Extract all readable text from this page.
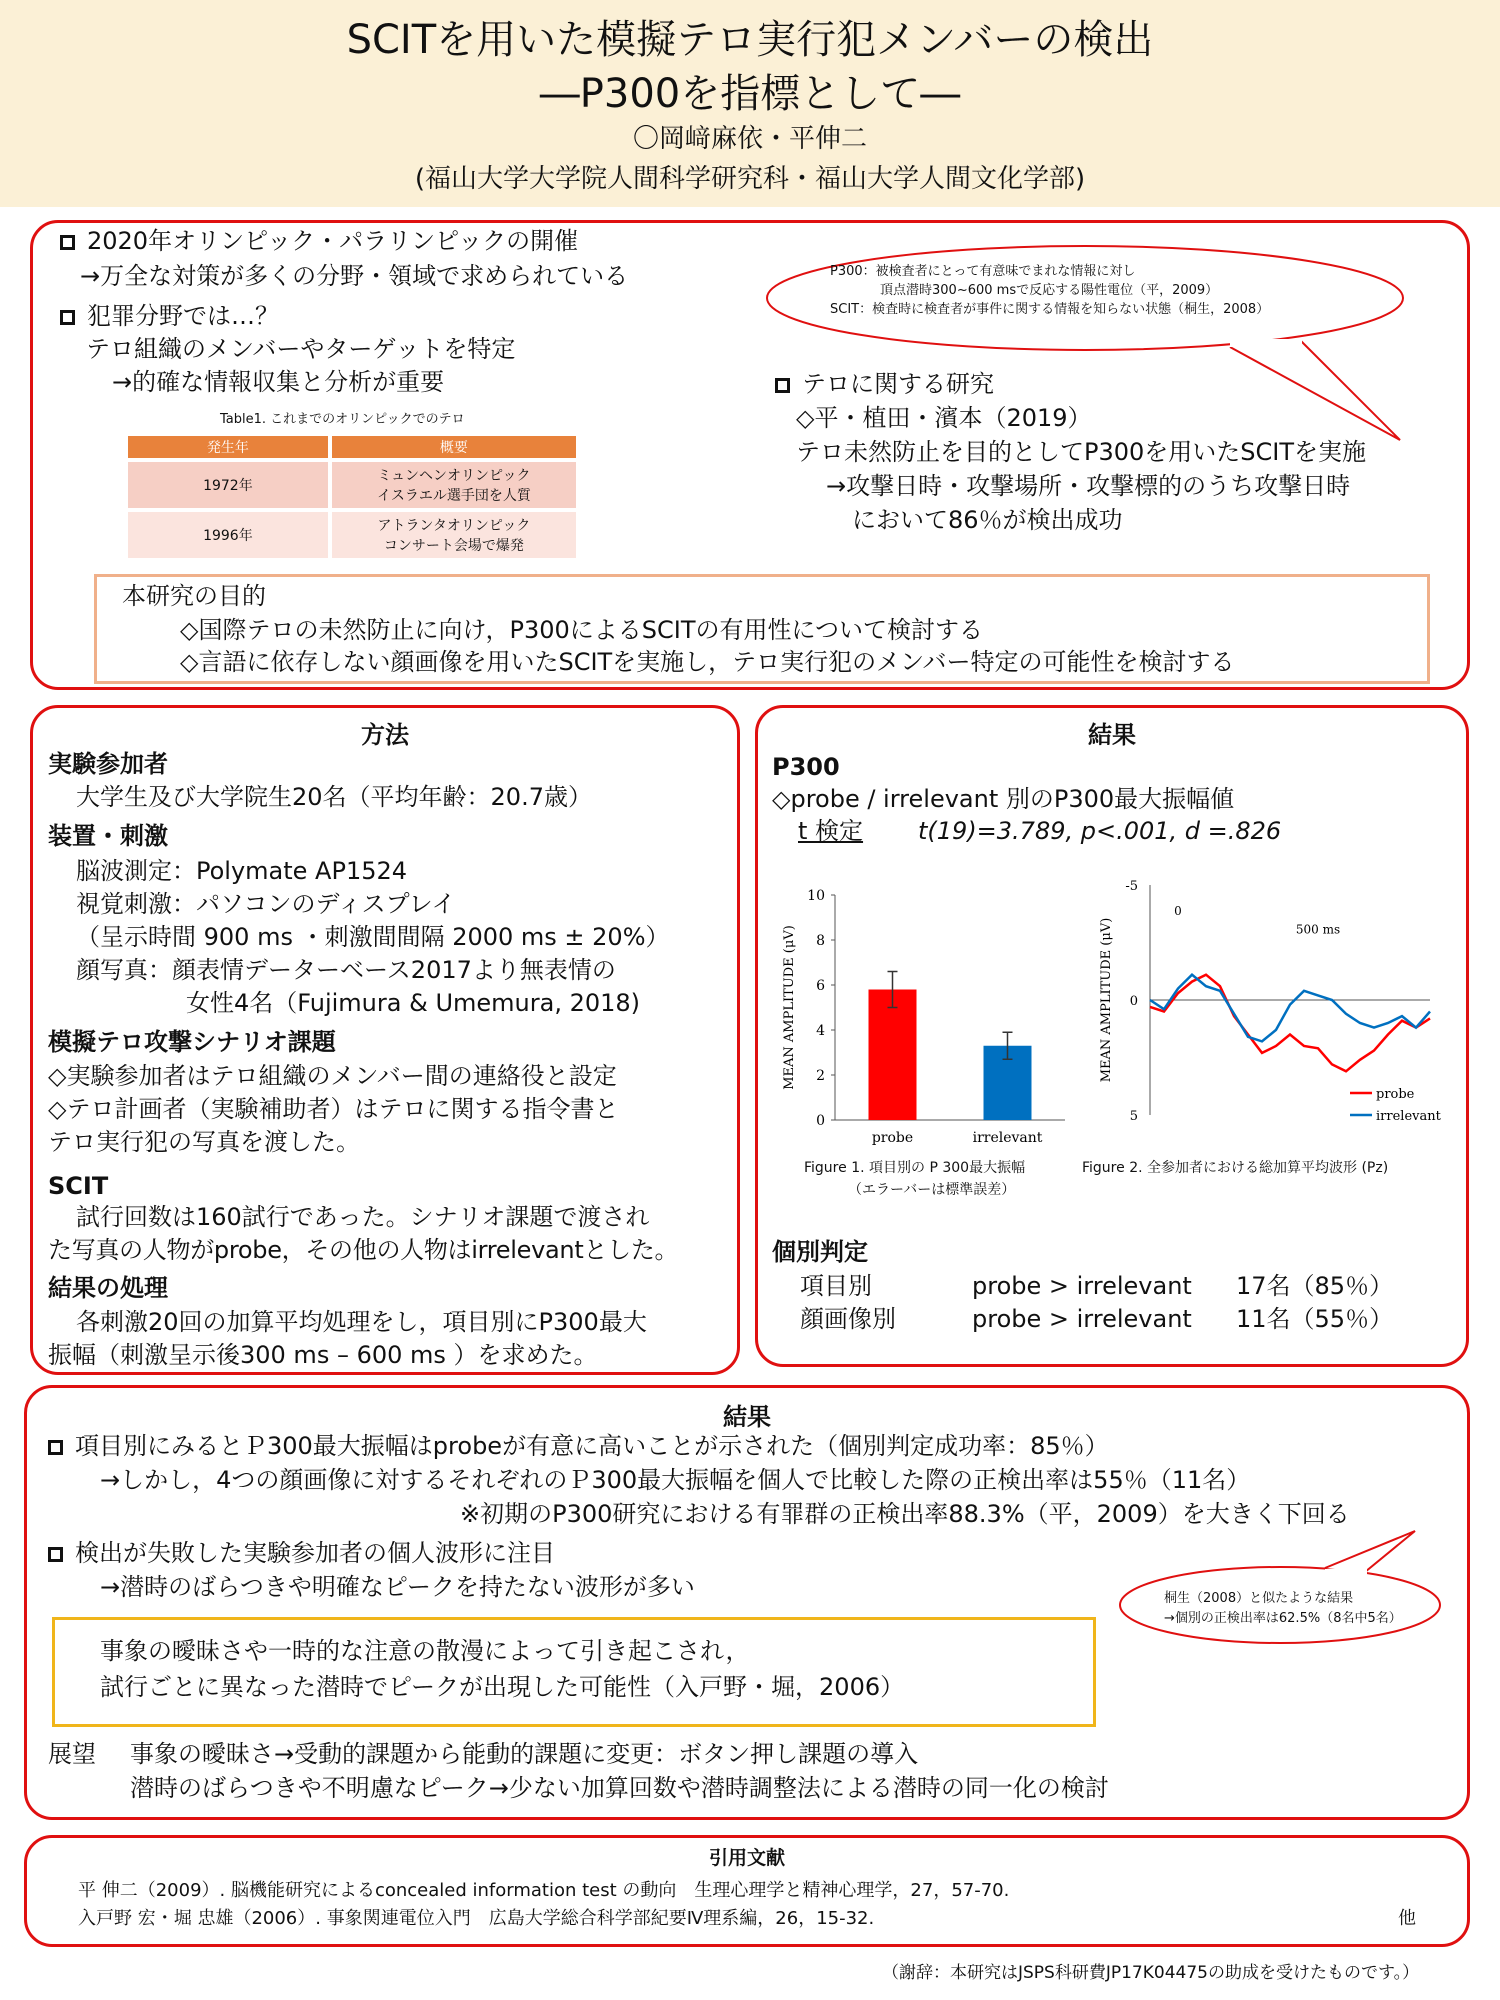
SCITを用いた模擬テロ実行犯メンバーの検出
―P300を指標として―
〇岡﨑麻依・平伸二
(福山大学大学院人間科学研究科・福山大学人間文化学部)
2020年オリンピック・パラリンピックの開催
→万全な対策が多くの分野・領域で求められている
犯罪分野では…？
テロ組織のメンバーやターゲットを特定
→的確な情報収集と分析が重要
Table1. これまでのオリンピックでのテロ
発生年	概要
1972年	ミュンヘンオリンピック
イスラエル選手団を人質
1996年	アトランタオリンピック
コンサート会場で爆発
P300：被検査者にとって有意味でまれな情報に対し
頂点潜時300~600 msで反応する陽性電位（平，2009）
SCIT：検査時に検査者が事件に関する情報を知らない状態（桐生，2008）
テロに関する研究
◇平・植田・濱本（2019）
テロ未然防止を目的としてP300を用いたSCITを実施
→攻撃日時・攻撃場所・攻撃標的のうち攻撃日時
において86％が検出成功
本研究の目的
◇国際テロの未然防止に向け，P300によるSCITの有用性について検討する
◇言語に依存しない顔画像を用いたSCITを実施し，テロ実行犯のメンバー特定の可能性を検討する
方法
実験参加者
大学生及び大学院生20名（平均年齢：20.7歳）
装置・刺激
脳波測定：Polymate AP1524
視覚刺激：パソコンのディスプレイ
（呈示時間 900 ms ・刺激間間隔 2000 ms ± 20%）
顔写真：顔表情データーベース2017より無表情の
女性4名（Fujimura & Umemura, 2018)
模擬テロ攻撃シナリオ課題
◇実験参加者はテロ組織のメンバー間の連絡役と設定
◇テロ計画者（実験補助者）はテロに関する指令書と
テロ実行犯の写真を渡した。
SCIT
試行回数は160試行であった。シナリオ課題で渡され
た写真の人物がprobe，その他の人物はirrelevantとした。
結果の処理
各刺激20回の加算平均処理をし，項目別にP300最大
振幅（刺激呈示後300 ms – 600 ms ）を求めた。
結果
P300
◇probe / irrelevant 別のP300最大振幅値
t 検定 t(19)=3.789, p<.001, d =.826
0
2
4
6
8
10
MEAN AMPLITUDE (μV)
probe	irrelevant
Figure 1. 項目別の P 300最大振幅
（エラーバーは標準誤差）
-5
0
5
MEAN AMPLITUDE (μV)
0
500 ms
probe
irrelevant
Figure 2. 全参加者における総加算平均波形 (Pz)
個別判定
項目別	probe > irrelevant 17名（85％）
顔画像別	probe > irrelevant 11名（55％）
結果
項目別にみるとＰ300最大振幅はprobeが有意に高いことが示された（個別判定成功率：85％）
→しかし，4つの顔画像に対するそれぞれのＰ300最大振幅を個人で比較した際の正検出率は55％（11名）
※初期のP300研究における有罪群の正検出率88.3%（平，2009）を大きく下回る
検出が失敗した実験参加者の個人波形に注目
→潜時のばらつきや明確なピークを持たない波形が多い	桐生（2008）と似たような結果
→個別の正検出率は62.5%（8名中5名）
事象の曖昧さや一時的な注意の散漫によって引き起こされ，
試行ごとに異なった潜時でピークが出現した可能性（入戸野・堀，2006）
展望 事象の曖昧さ→受動的課題から能動的課題に変更：ボタン押し課題の導入
潜時のばらつきや不明慮なピーク→少ない加算回数や潜時調整法による潜時の同一化の検討
引用文献
平 伸二（2009）. 脳機能研究によるconcealed information test の動向　生理心理学と精神心理学，27，57-70.
入戸野 宏・堀 忠雄（2006）. 事象関連電位入門　広島大学総合科学部紀要Ⅳ理系編，26，15-32.	他
（謝辞：本研究はJSPS科研費JP17K04475の助成を受けたものです。）
